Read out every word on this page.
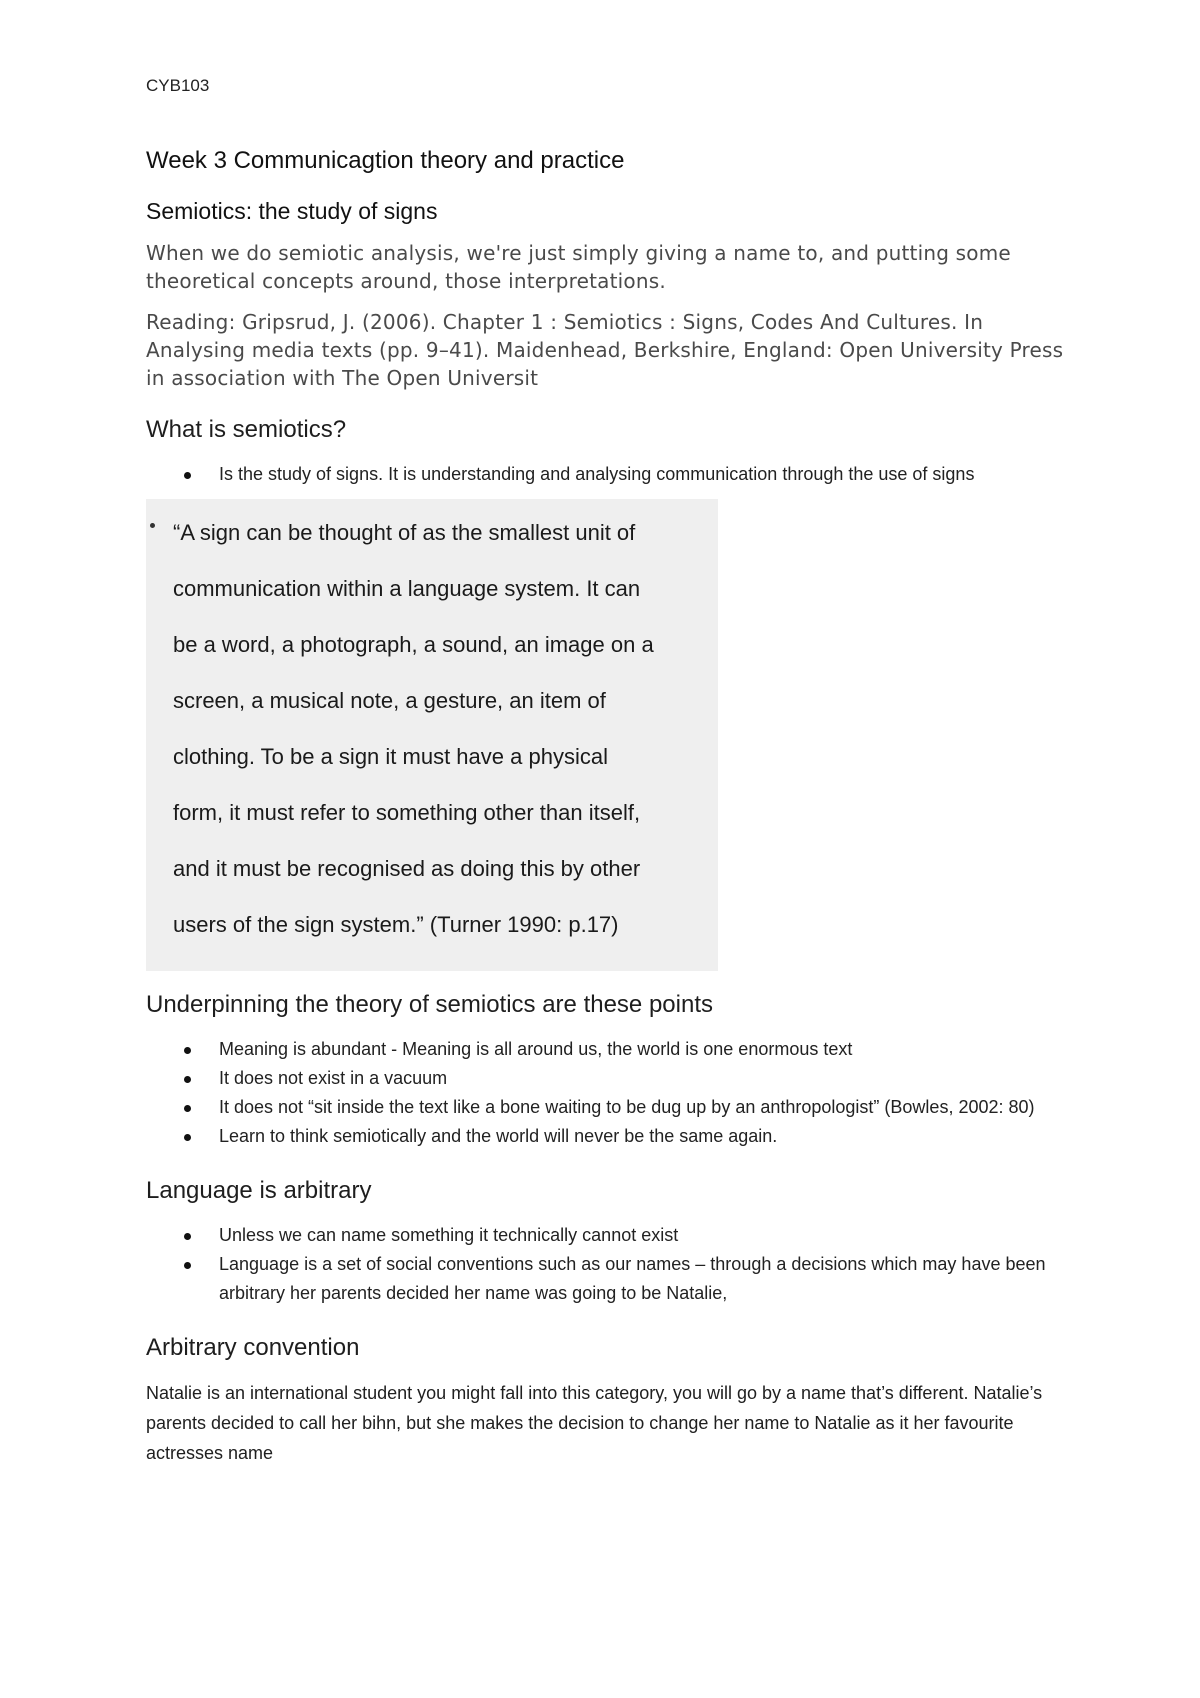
CYB103
Week 3 Communicagtion theory and practice
Semiotics: the study of signs

When we do semiotic analysis, we're just simply giving a name to, and putting some theoretical concepts around, those interpretations.

Reading: Gripsrud, J. (2006). Chapter 1 : Semiotics : Signs, Codes And Cultures. In Analysing media texts (pp. 9–41). Maidenhead, Berkshire, England: Open University Press in association with The Open Universit

What is semiotics?
Is the study of signs. It is understanding and analysing communication through the use of signs
“A sign can be thought of as the smallest unit of
communication within a language system. It can
be a word, a photograph, a sound, an image on a
screen, a musical note, a gesture, an item of
clothing. To be a sign it must have a physical
form, it must refer to something other than itself,
and it must be recognised as doing this by other
users of the sign system.” (Turner 1990: p.17)
Underpinning the theory of semiotics are these points
Meaning is abundant - Meaning is all around us, the world is one enormous text
It does not exist in a vacuum
It does not “sit inside the text like a bone waiting to be dug up by an anthropologist” (Bowles, 2002: 80)
Learn to think semiotically and the world will never be the same again.
Language is arbitrary
Unless we can name something it technically cannot exist
Language is a set of social conventions such as our names – through a decisions which may have been arbitrary her parents decided her name was going to be Natalie,
Arbitrary convention

Natalie is an international student you might fall into this category, you will go by a name that’s different. Natalie’s parents decided to call her bihn, but she makes the decision to change her name to Natalie as it her favourite actresses name
